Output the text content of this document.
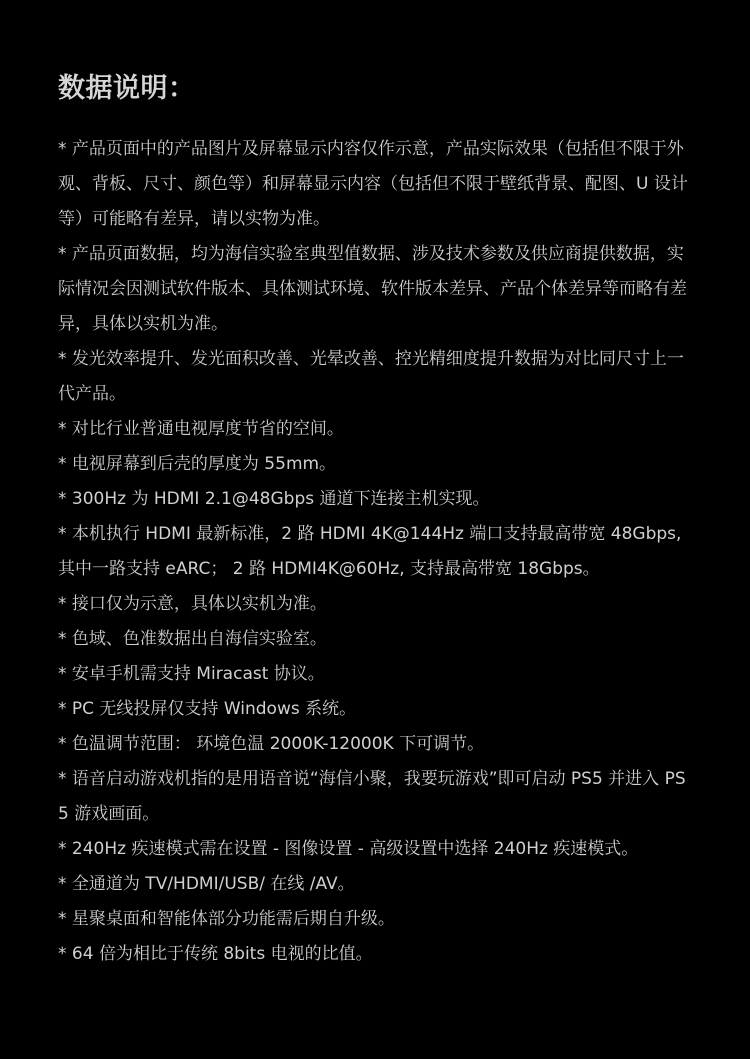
数据说明：
* 产品页面中的产品图片及屏幕显示内容仅作示意，产品实际效果（包括但不限于外观、背板、尺寸、颜色等）和屏幕显示内容（包括但不限于壁纸背景、配图、U 设计等）可能略有差异，请以实物为准。
* 产品页面数据，均为海信实验室典型值数据、涉及技术参数及供应商提供数据，实际情况会因测试软件版本、具体测试环境、软件版本差异、产品个体差异等而略有差异，具体以实机为准。
* 发光效率提升、发光面积改善、光晕改善、控光精细度提升数据为对比同尺寸上一代产品。
* 对比行业普通电视厚度节省的空间。
* 电视屏幕到后壳的厚度为 55mm。
* 300Hz 为 HDMI 2.1@48Gbps 通道下连接主机实现。
* 本机执行 HDMI 最新标准，2 路 HDMI 4K@144Hz 端口支持最高带宽 48Gbps, 其中一路支持 eARC； 2 路 HDMI4K@60Hz, 支持最高带宽 18Gbps。
* 接口仅为示意，具体以实机为准。
* 色域、色准数据出自海信实验室。
* 安卓手机需支持 Miracast 协议。
* PC 无线投屏仅支持 Windows 系统。
* 色温调节范围： 环境色温 2000K-12000K 下可调节。
* 语音启动游戏机指的是用语音说“海信小聚，我要玩游戏”即可启动 PS5 并进入 PS5 游戏画面。
* 240Hz 疾速模式需在设置 - 图像设置 - 高级设置中选择 240Hz 疾速模式。
* 全通道为 TV/HDMI/USB/ 在线 /AV。
* 星聚桌面和智能体部分功能需后期自升级。
* 64 倍为相比于传统 8bits 电视的比值。
